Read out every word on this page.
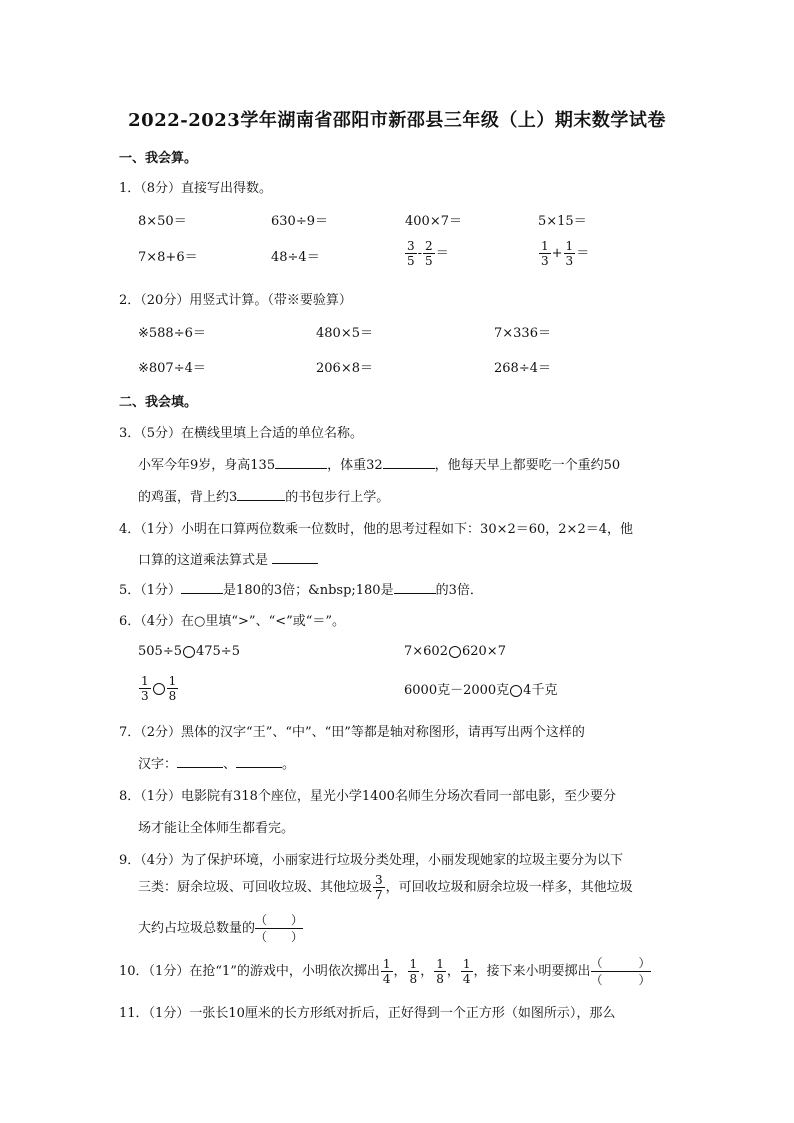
2022-2023学年湖南省邵阳市新邵县三年级（上）期末数学试卷
一、我会算。
1．（8分）直接写出得数。
8×50＝	630÷9＝	400×7＝	5×15＝
7×8+6＝	48÷4＝	$\frac{3}{5} - \frac{2}{5}$ ＝	$\frac{1}{3} + \frac{1}{3}$ ＝
2．（20分）用竖式计算。（带※要验算）
※588÷6＝	480×5＝	7×336＝
※807÷4＝	206×8＝	268÷4＝
二、我会填。
3．（5分）在横线里填上合适的单位名称。
小军今年9岁，身高135	，体重32	，他每天早上都要吃一个重约50
的鸡蛋，背上约3	的书包步行上学。
4．（1分）小明在口算两位数乘一位数时，他的思考过程如下：30×2＝60，2×2＝4，他
口算的这道乘法算式是
5．（1分）	是180的3倍；&nbsp;180是	的3倍．
6．（4分）在○里填“>”、“<”或“＝”。
505÷5 475÷5	7×602 620×7
$\frac{1}{3} \frac{1}{8}$	6000克－2000克 4千克
7．（2分）黑体的汉字“王”、“中”、“田”等都是轴对称图形，请再写出两个这样的
汉字：	、	。
8．（1分）电影院有318个座位，星光小学1400名师生分场次看同一部电影，至少要分
场才能让全体师生都看完。
9．（4分）为了保护环境，小丽家进行垃圾分类处理，小丽发现她家的垃圾主要分为以下
三类：厨余垃圾、可回收垃圾、其他垃圾 $\frac{3}{7}$ ，可回收垃圾和厨余垃圾一样多，其他垃圾
大约占垃圾总数量的
（　　）
（　　）
10．（1分）在抢“1”的游戏中，小明依次掷出 $\frac{1}{4}$ ， $\frac{1}{8}$ ， $\frac{1}{8}$ ， $\frac{1}{4}$ ，接下来小明要掷出
（　　　）
（　　　）
11．（1分）一张长10厘米的长方形纸对折后，正好得到一个正方形（如图所示），那么
